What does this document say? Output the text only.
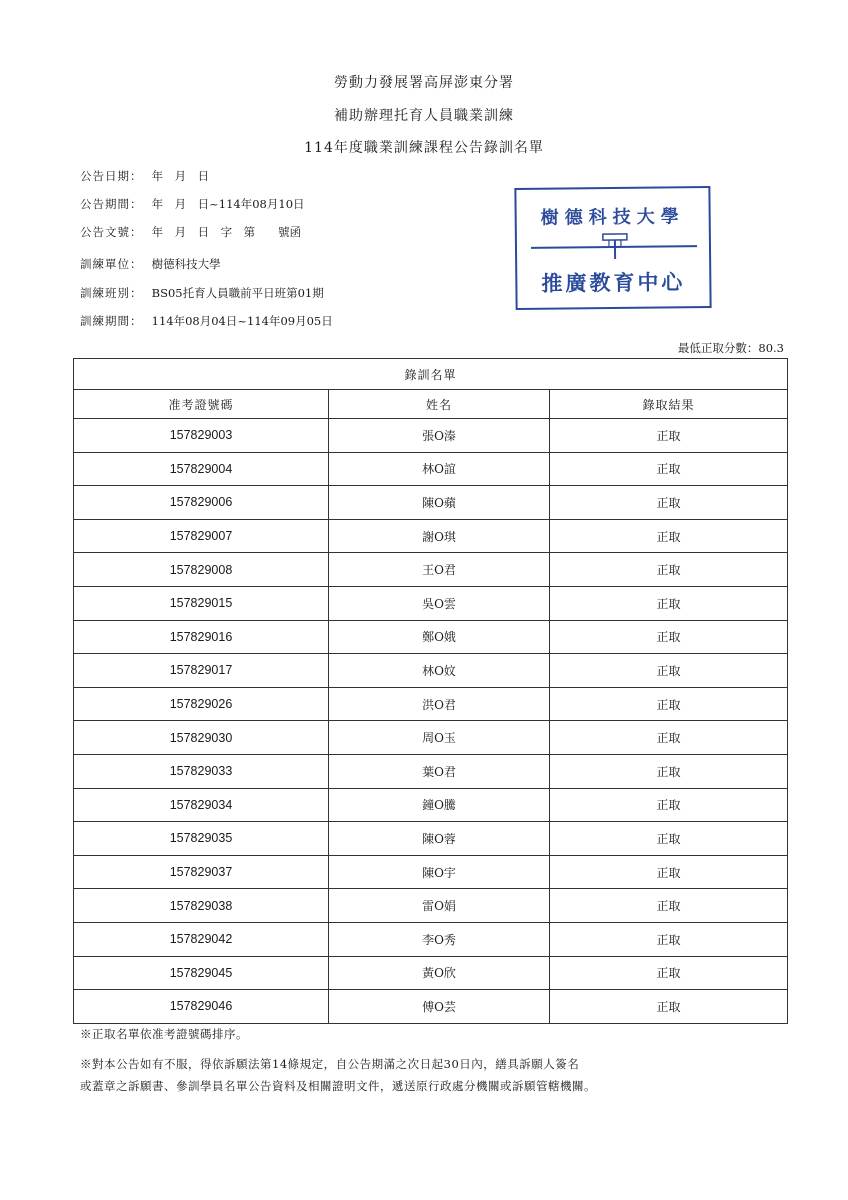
勞動力發展署高屏澎東分署
補助辦理托育人員職業訓練
114年度職業訓練課程公告錄訓名單
公告日期： 年　月　日
公告期間： 年　月　日~114年08月10日
公告文號： 年　月　日　字　第　　號函
訓練單位： 樹德科技大學
訓練班別： BS05托育人員職前平日班第01期
訓練期間： 114年08月04日~114年09月05日
樹德科技大學
推廣教育中心
最低正取分數：80.3
錄訓名單		
准考證號碼	姓名	錄取結果
157829003	張O溱	正取
157829004	林O誼	正取
157829006	陳O蘋	正取
157829007	謝O琪	正取
157829008	王O君	正取
157829015	吳O雲	正取
157829016	鄭O娥	正取
157829017	林O妏	正取
157829026	洪O君	正取
157829030	周O玉	正取
157829033	葉O君	正取
157829034	鐘O騰	正取
157829035	陳O蓉	正取
157829037	陳O宇	正取
157829038	雷O娟	正取
157829042	李O秀	正取
157829045	黃O欣	正取
157829046	傅O芸	正取
※正取名單依准考證號碼排序。
※對本公告如有不服，得依訴願法第14條規定，自公告期滿之次日起30日內，繕具訴願人簽名
或蓋章之訴願書、參訓學員名單公告資料及相關證明文件，遞送原行政處分機關或訴願管轄機關。
